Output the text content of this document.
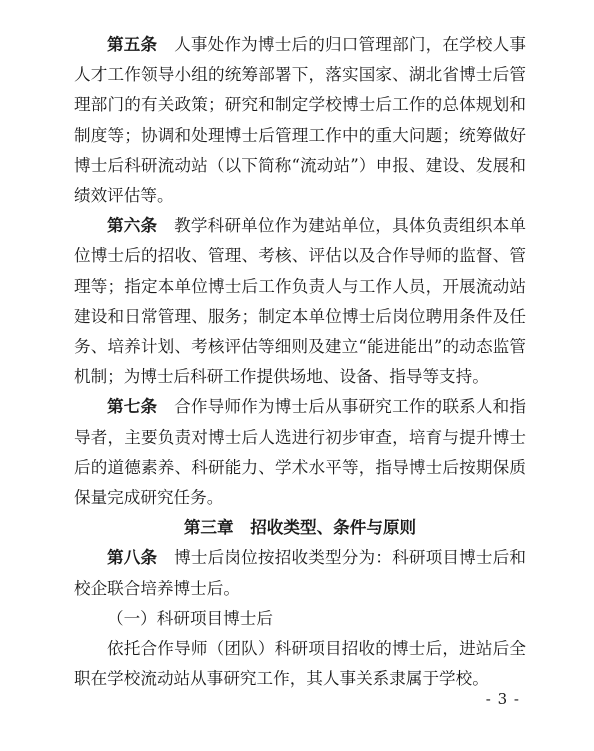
第五条　 人事处作为博士后的归口管理部门，在学校人事人才工作领导小组的统筹部署下，落实国家、湖北省博士后管理部门的有关政策；研究和制定学校博士后工作的总体规划和制度等；协调和处理博士后管理工作中的重大问题；统筹做好博士后科研流动站（以下简称“流动站”）申报、建设、发展和绩效评估等。

第六条　 教学科研单位作为建站单位，具体负责组织本单位博士后的招收、管理、考核、评估以及合作导师的监督、管理等；指定本单位博士后工作负责人与工作人员，开展流动站建设和日常管理、服务；制定本单位博士后岗位聘用条件及任务、培养计划、考核评估等细则及建立“能进能出”的动态监管机制；为博士后科研工作提供场地、设备、指导等支持。

第七条　 合作导师作为博士后从事研究工作的联系人和指导者，主要负责对博士后人选进行初步审查，培育与提升博士后的道德素养、科研能力、学术水平等，指导博士后按期保质保量完成研究任务。

第三章　招收类型、条件与原则

第八条　 博士后岗位按招收类型分为：科研项目博士后和校企联合培养博士后。

（一）科研项目博士后

依托合作导师（团队）科研项目招收的博士后，进站后全职在学校流动站从事研究工作，其人事关系隶属于学校。

- 3 -
